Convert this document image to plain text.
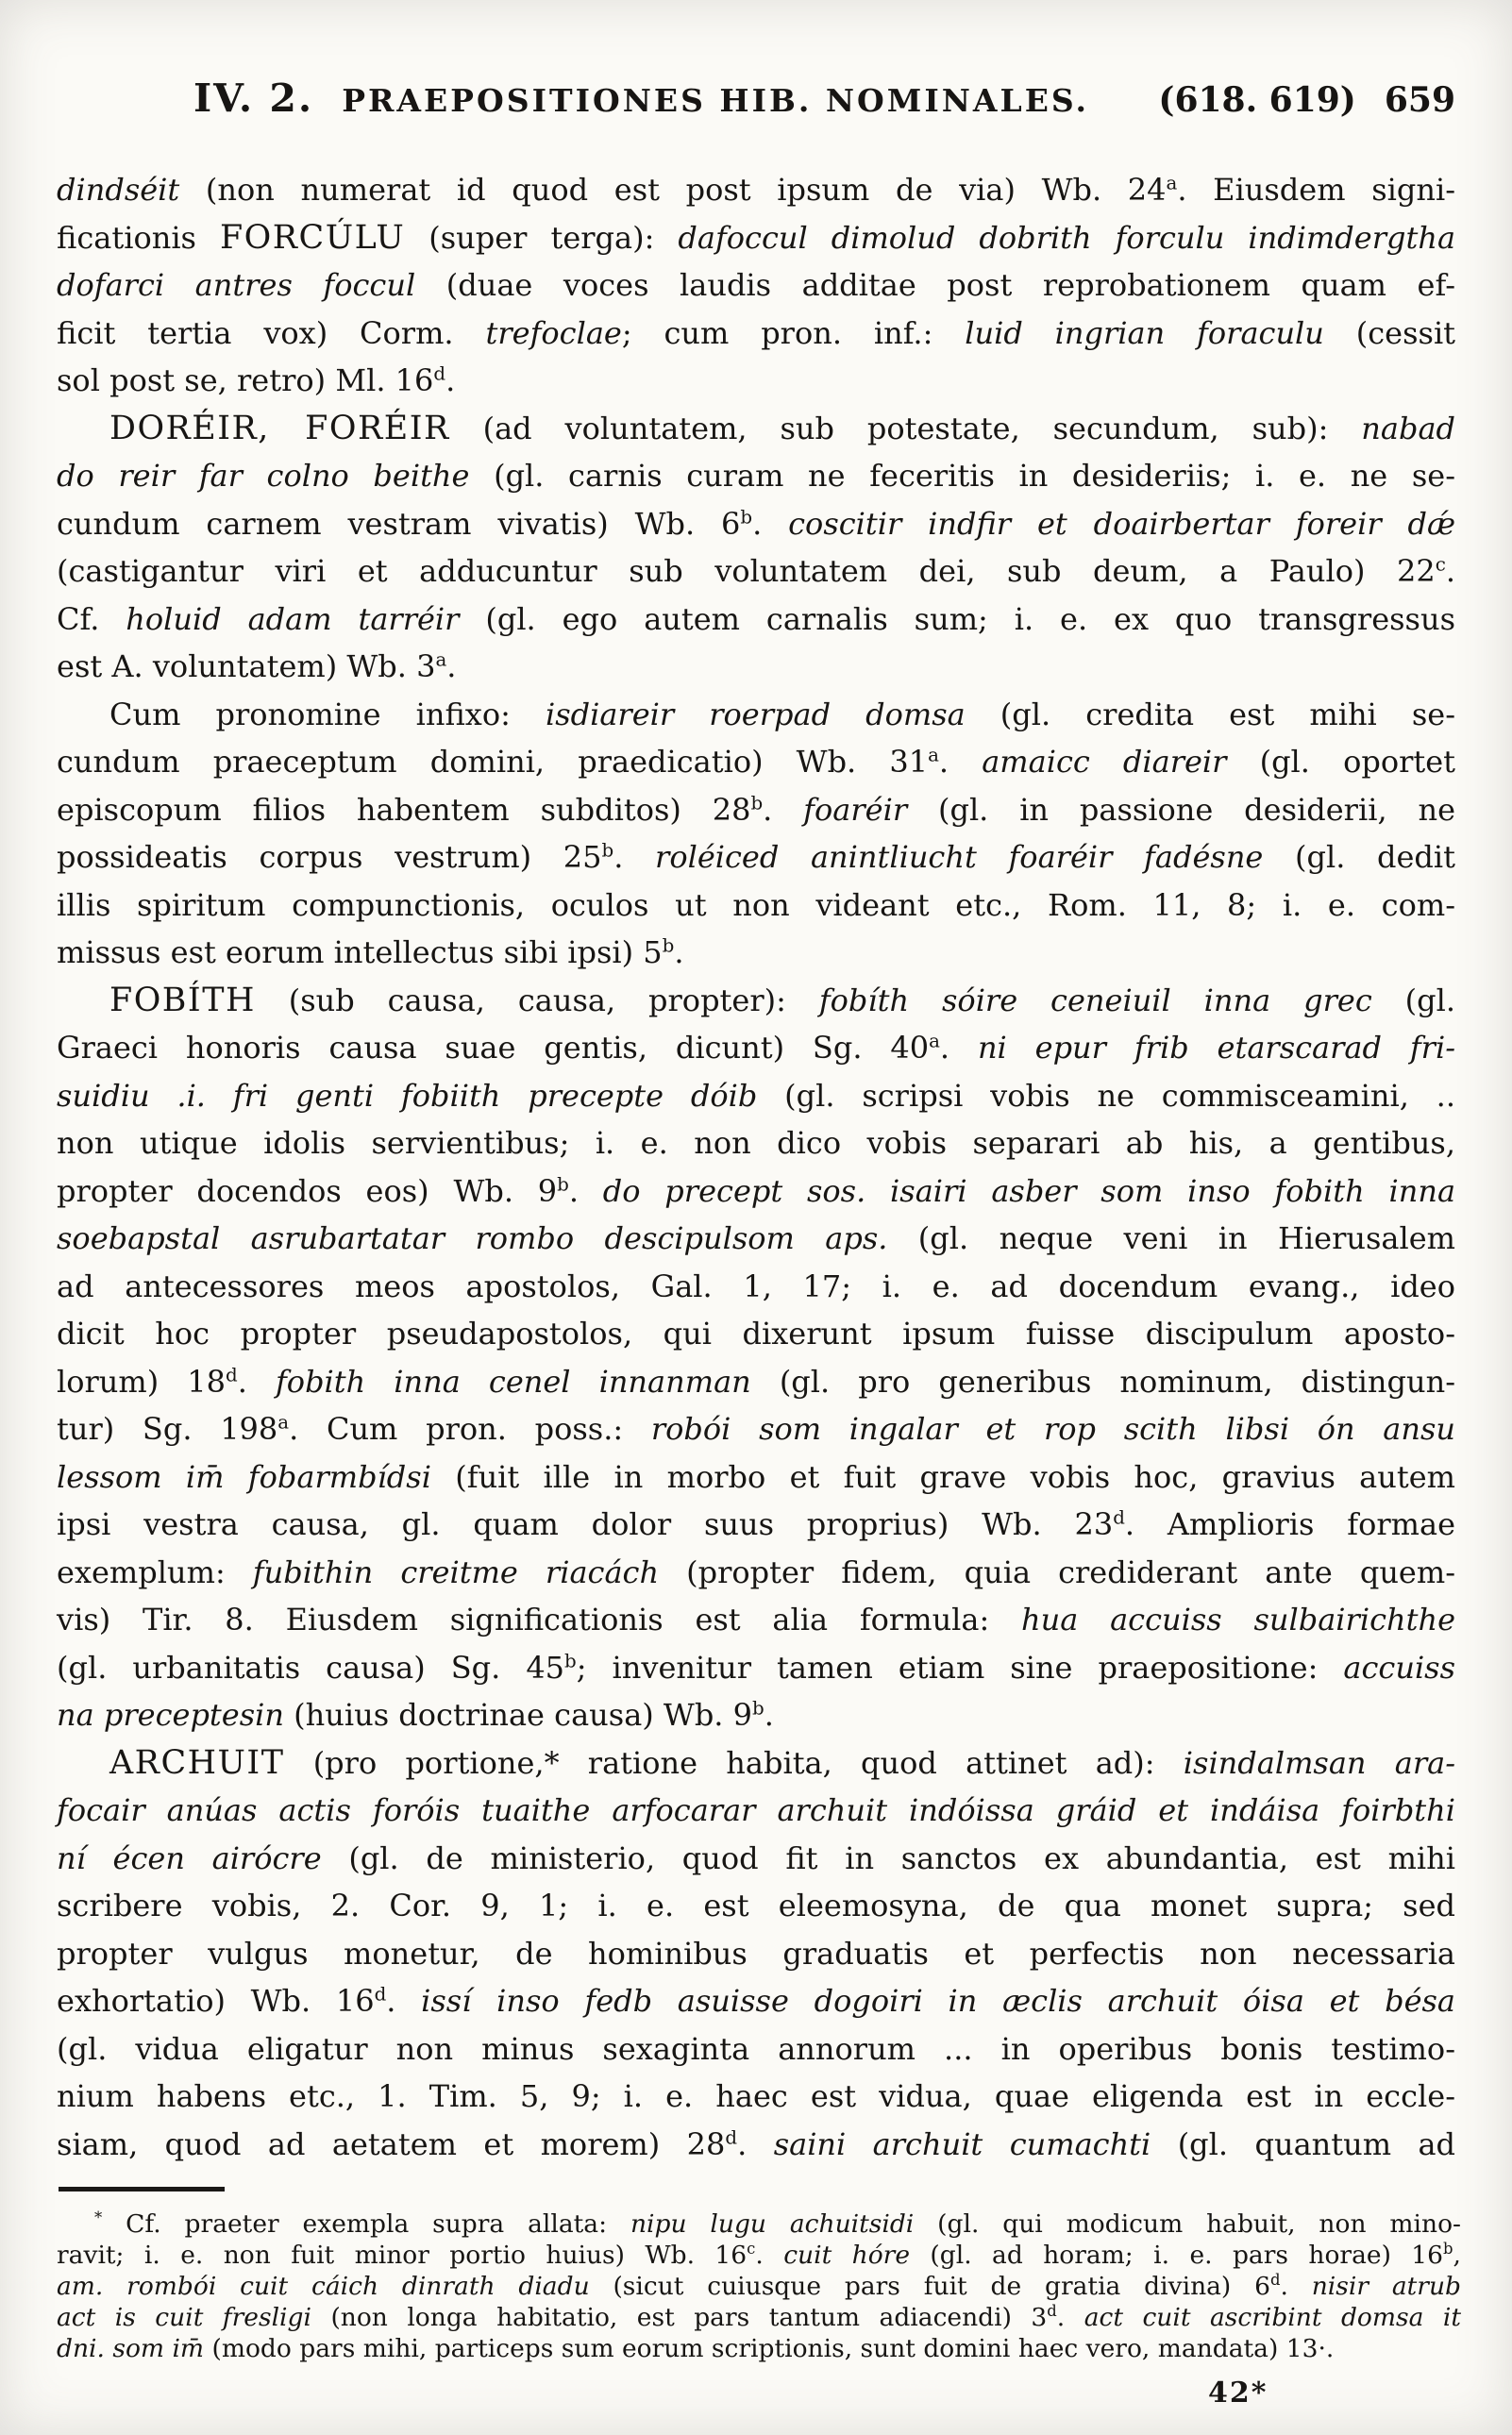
IV. 2. PRAEPOSITIONES HIB. NOMINALES. (618. 619) 659
dindséit (non numerat id quod est post ipsum de via) Wb. 24$^a$. Eiusdem signi-
ficationis FORCÚLU (super terga): dafoccul dimolud dobrith forculu indimdergtha
dofarci antres foccul (duae voces laudis additae post reprobationem quam ef-
ficit tertia vox) Corm. trefoclae; cum pron. inf.: luid ingrian foraculu (cessit
sol post se, retro) Ml. 16$^d$.
DORÉIR, FORÉIR (ad voluntatem, sub potestate, secundum, sub): nabad
do reir far colno beithe (gl. carnis curam ne feceritis in desideriis; i. e. ne se-
cundum carnem vestram vivatis) Wb. 6$^b$. coscitir indfir et doairbertar foreir dǽ
(castigantur viri et adducuntur sub voluntatem dei, sub deum, a Paulo) 22$^c$.
Cf. holuid adam tarréir (gl. ego autem carnalis sum; i. e. ex quo transgressus
est A. voluntatem) Wb. 3$^a$.
Cum pronomine infixo: isdiareir roerpad domsa (gl. credita est mihi se-
cundum praeceptum domini, praedicatio) Wb. 31$^a$. amaicc diareir (gl. oportet
episcopum filios habentem subditos) 28$^b$. foaréir (gl. in passione desiderii, ne
possideatis corpus vestrum) 25$^b$. roléiced anintliucht foaréir fadésne (gl. dedit
illis spiritum compunctionis, oculos ut non videant etc., Rom. 11, 8; i. e. com-
missus est eorum intellectus sibi ipsi) 5$^b$.
FOBÍTH (sub causa, causa, propter): fobíth sóire ceneiuil inna grec (gl.
Graeci honoris causa suae gentis, dicunt) Sg. 40$^a$. ni epur frib etarscarad fri-
suidiu .i. fri genti fobiith precepte dóib (gl. scripsi vobis ne commisceamini, ..
non utique idolis servientibus; i. e. non dico vobis separari ab his, a gentibus,
propter docendos eos) Wb. 9$^b$. do precept sos. isairi asber som inso fobith inna
soebapstal asrubartatar rombo descipulsom aps. (gl. neque veni in Hierusalem
ad antecessores meos apostolos, Gal. 1, 17; i. e. ad docendum evang., ideo
dicit hoc propter pseudapostolos, qui dixerunt ipsum fuisse discipulum aposto-
lorum) 18$^d$. fobith inna cenel innanman (gl. pro generibus nominum, distingun-
tur) Sg. 198$^a$. Cum pron. poss.: robói som ingalar et rop scith libsi ón ansu
lessom im̄ fobarmbídsi (fuit ille in morbo et fuit grave vobis hoc, gravius autem
ipsi vestra causa, gl. quam dolor suus proprius) Wb. 23$^d$. Amplioris formae
exemplum: fubithin creitme riacách (propter fidem, quia crediderant ante quem-
vis) Tir. 8. Eiusdem significationis est alia formula: hua accuiss sulbairichthe
(gl. urbanitatis causa) Sg. 45$^b$; invenitur tamen etiam sine praepositione: accuiss
na preceptesin (huius doctrinae causa) Wb. 9$^b$.
ARCHUIT (pro portione,* ratione habita, quod attinet ad): isindalmsan ara-
focair anúas actis foróis tuaithe arfocarar archuit indóissa gráid et indáisa foirbthi
ní écen airócre (gl. de ministerio, quod fit in sanctos ex abundantia, est mihi
scribere vobis, 2. Cor. 9, 1; i. e. est eleemosyna, de qua monet supra; sed
propter vulgus monetur, de hominibus graduatis et perfectis non necessaria
exhortatio) Wb. 16$^d$. issí inso fedb asuisse dogoiri in æclis archuit óisa et bésa
(gl. vidua eligatur non minus sexaginta annorum ... in operibus bonis testimo-
nium habens etc., 1. Tim. 5, 9; i. e. haec est vidua, quae eligenda est in eccle-
siam, quod ad aetatem et morem) 28$^d$. saini archuit cumachti (gl. quantum ad
* Cf. praeter exempla supra allata: nipu lugu achuitsidi (gl. qui modicum habuit, non mino-
ravit; i. e. non fuit minor portio huius) Wb. 16$^c$. cuit hóre (gl. ad horam; i. e. pars horae) 16$^b$,
am. rombói cuit cáich dinrath diadu (sicut cuiusque pars fuit de gratia divina) 6$^d$. nisir atrub
act is cuit fresligi (non longa habitatio, est pars tantum adiacendi) 3$^d$. act cuit ascribint domsa it
dni. som im̄ (modo pars mihi, particeps sum eorum scriptionis, sunt domini haec vero, mandata) 13·.
42*
